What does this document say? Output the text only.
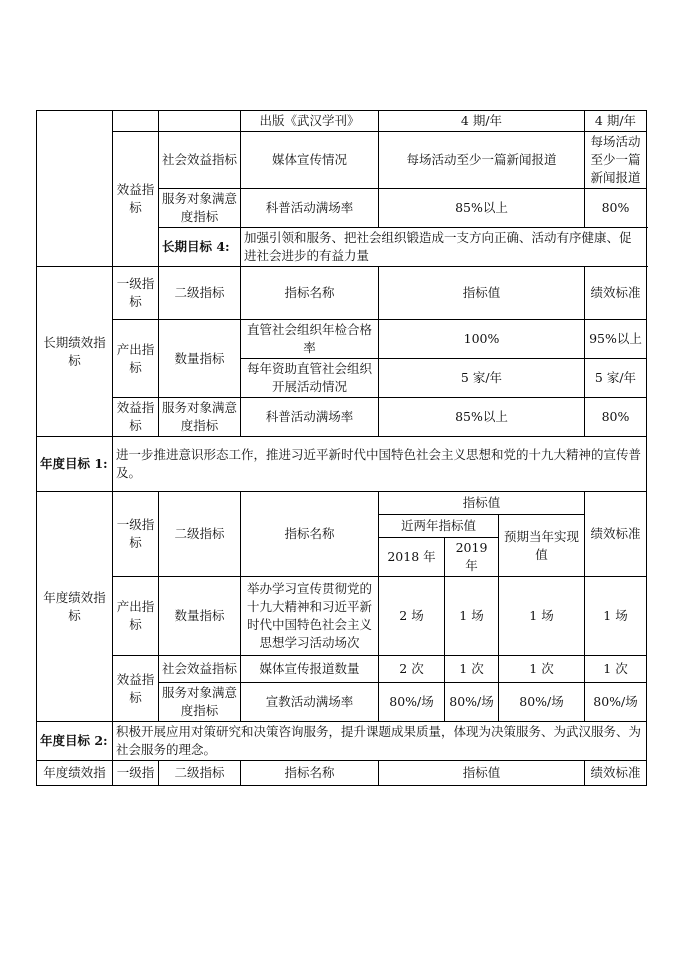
			出版《武汉学刊》	4 期/年			4 期/年
	效益指标	社会效益指标	媒体宣传情况	每场活动至少一篇新闻报道			每场活动至少一篇新闻报道
		服务对象满意度指标	科普活动满场率	85%以上			80%
		长期目标 4:	加强引领和服务、把社会组织锻造成一支方向正确、活动有序健康、促进社会进步的有益力量				
长期绩效指标	一级指标	二级指标	指标名称	指标值			绩效标准
	产出指标	数量指标	直管社会组织年检合格率	100%			95%以上
			每年资助直管社会组织开展活动情况	5 家/年			5 家/年
	效益指标	服务对象满意度指标	科普活动满场率	85%以上			80%
年度目标 1:	进一步推进意识形态工作，推进习近平新时代中国特色社会主义思想和党的十九大精神的宣传普及。						
年度绩效指标	一级指标	二级指标	指标名称	指标值			绩效标准
				近两年指标值		预期当年实现值	
				2018 年	2019 年		
	产出指标	数量指标	举办学习宣传贯彻党的十九大精神和习近平新时代中国特色社会主义思想学习活动场次	2 场	1 场	1 场	1 场
	效益指标	社会效益指标	媒体宣传报道数量	2 次	1 次	1 次	1 次
		服务对象满意度指标	宣教活动满场率	80%/场	80%/场	80%/场	80%/场
年度目标 2:	积极开展应用对策研究和决策咨询服务，提升课题成果质量，体现为决策服务、为武汉服务、为社会服务的理念。						
年度绩效指	一级指	二级指标	指标名称	指标值			绩效标准
